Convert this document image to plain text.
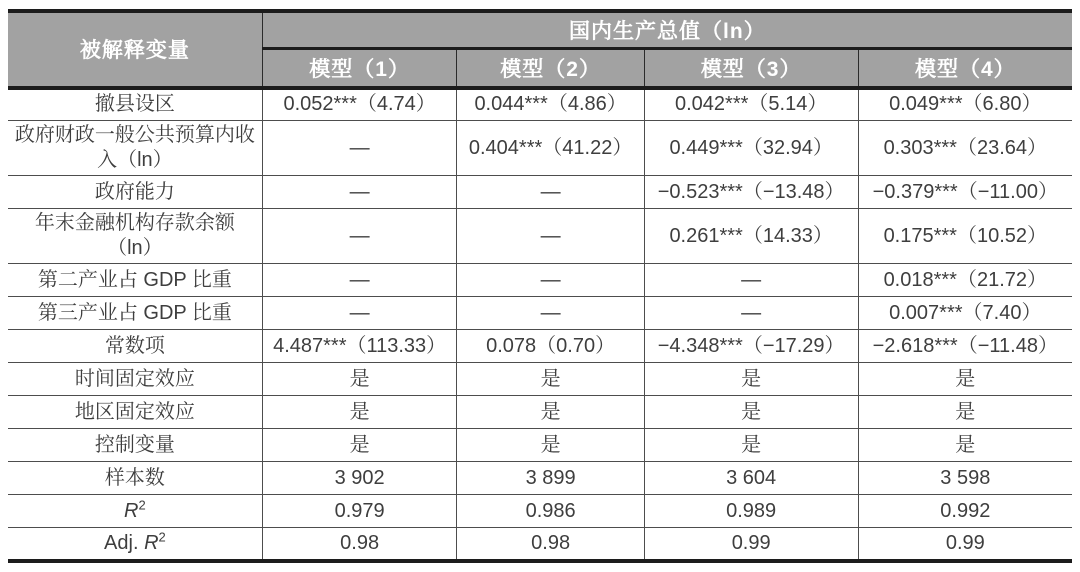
被解释变量	国内生产总值（ln）			
	模型（1）	模型（2）	模型（3）	模型（4）
撤县设区	0.052***（4.74）	0.044***（4.86）	0.042***（5.14）	0.049***（6.80）
政府财政一般公共预算内收入（ln）	—	0.404***（41.22）	0.449***（32.94）	0.303***（23.64）
政府能力	—	—	−0.523***（−13.48）	−0.379***（−11.00）
年末金融机构存款余额（ln）	—	—	0.261***（14.33）	0.175***（10.52）
第二产业占 GDP 比重	—	—	—	0.018***（21.72）
第三产业占 GDP 比重	—	—	—	0.007***（7.40）
常数项	4.487***（113.33）	0.078（0.70）	−4.348***（−17.29）	−2.618***（−11.48）
时间固定效应	是	是	是	是
地区固定效应	是	是	是	是
控制变量	是	是	是	是
样本数	3 902	3 899	3 604	3 598
$R^2$	0.979	0.986	0.989	0.992
Adj. $R^2$	0.98	0.98	0.99	0.99
